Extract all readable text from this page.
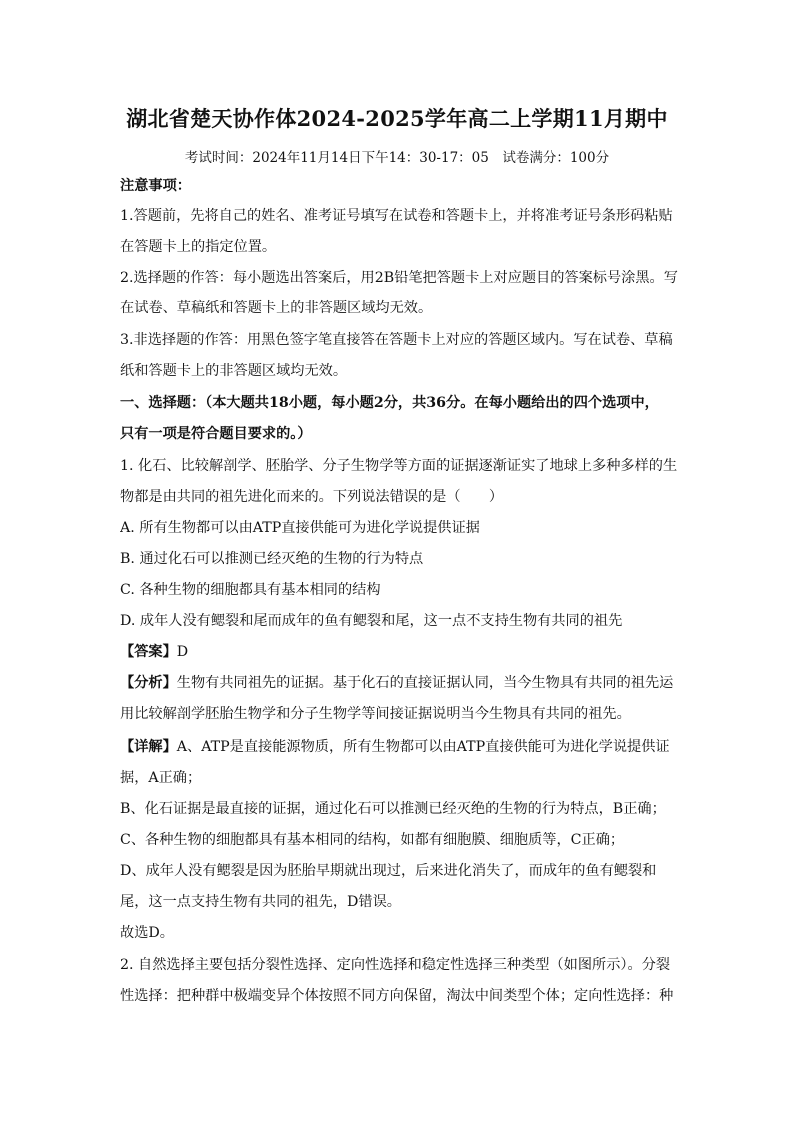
湖北省楚天协作体2024-2025学年高二上学期11月期中
考试时间：2024年11月14日下午14：30-17：05　试卷满分：100分
注意事项：
1.答题前，先将自己的姓名、准考证号填写在试卷和答题卡上，并将准考证号条形码粘贴
在答题卡上的指定位置。
2.选择题的作答：每小题选出答案后，用2B铅笔把答题卡上对应题目的答案标号涂黑。写
在试卷、草稿纸和答题卡上的非答题区域均无效。
3.非选择题的作答：用黑色签字笔直接答在答题卡上对应的答题区域内。写在试卷、草稿
纸和答题卡上的非答题区域均无效。
一、选择题：（本大题共18小题，每小题2分，共36分。在每小题给出的四个选项中，
只有一项是符合题目要求的。）
1. 化石、比较解剖学、胚胎学、分子生物学等方面的证据逐渐证实了地球上多种多样的生
物都是由共同的祖先进化而来的。下列说法错误的是（　　）
A. 所有生物都可以由ATP直接供能可为进化学说提供证据
B. 通过化石可以推测已经灭绝的生物的行为特点
C. 各种生物的细胞都具有基本相同的结构
D. 成年人没有鳃裂和尾而成年的鱼有鳃裂和尾，这一点不支持生物有共同的祖先
【答案】D
【分析】生物有共同祖先的证据。基于化石的直接证据认同，当今生物具有共同的祖先运
用比较解剖学胚胎生物学和分子生物学等间接证据说明当今生物具有共同的祖先。
【详解】A、ATP是直接能源物质，所有生物都可以由ATP直接供能可为进化学说提供证
据，A正确；
B、化石证据是最直接的证据，通过化石可以推测已经灭绝的生物的行为特点，B正确；
C、各种生物的细胞都具有基本相同的结构，如都有细胞膜、细胞质等，C正确；
D、成年人没有鳃裂是因为胚胎早期就出现过，后来进化消失了，而成年的鱼有鳃裂和
尾，这一点支持生物有共同的祖先，D错误。
故选D。
2. 自然选择主要包括分裂性选择、定向性选择和稳定性选择三种类型（如图所示）。分裂
性选择：把种群中极端变异个体按照不同方向保留，淘汰中间类型个体；定向性选择：种
